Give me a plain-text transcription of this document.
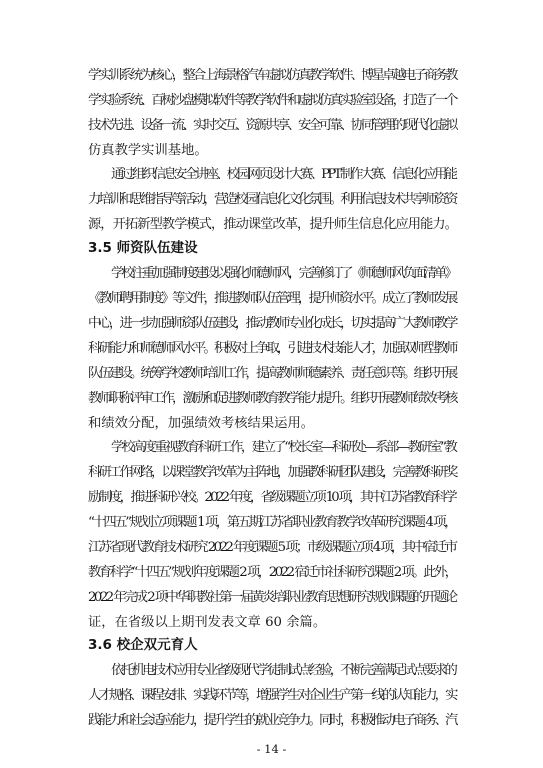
学实训系统为核心，整合上海景格汽车虚拟仿真教学软件、博星卓越电子商务教
学实验系统、百树沙盘模拟软件等教学软件和虚拟仿真实验室设备，打造了一个
技术先进、设备一流、实时交互、资源共享、安全可靠、协同管理的现代化虚拟
仿真教学实训基地。
通过组织信息安全讲座、校园网页设计大赛、PPT制作大赛、信息化应用能
力培训和思维指导等活动，营造校园信息化文化氛围。利用信息技术共享师资资
源，开拓新型教学模式，推动课堂改革，提升师生信息化应用能力。
3.5 师资队伍建设
学校注重加强制度建设以强化师德师风，完善修订了《师德师风负面清单》
《教师聘用制度》等文件，推进教师队伍管理，提升师资水平。成立了教师发展
中心，进一步加强师资队伍建设，推动教师专业化成长，切实提高广大教师教学
科研能力和师德师风水平。积极对上争取，引进技术技能人才，加强双师型教师
队伍建设。统筹学校教师培训工作，提高教师师德素养、责任意识等。组织开展
教师职称评审工作，激励和促进教师教育教学能力提升。组织开展教师绩效考核
和绩效分配，加强绩效考核结果运用。
学校高度重视教育科研工作，建立了“校长室—科研处—系部—教研室”教
科研工作网络，以课堂教学改革为主阵地，加强教科研团队建设，完善教科研奖
励制度，推进科研兴校。2022 年度，省级课题立项 10 项，其中江苏省教育科学
“十四五”规划立项课题 1 项，第五期江苏省职业教育教学改革研究课题 4 项，
江苏省现代教育技术研究 2022 年度课题 5 项；市级课题立项 4 项，其中宿迁市
教育科学“十四五”规划年度课题 2 项，2022 宿迁市社科研究课题 2 项。此外，
2022 年完成 2 项中华职教社第一届黄炎培职业教育思想研究规划课题的开题论
证，在省级以上期刊发表文章 60 余篇。
3.6 校企双元育人
依托机电技术应用专业省级现代学徒制试点经验，不断完善满足试点要求的
人才规格、课程安排、实践环节等，增强学生对企业生产第一线的认知能力，实
践能力和社会适应能力，提升学生的就业竞争力。同时，积极推动电子商务、汽
- 14 -
